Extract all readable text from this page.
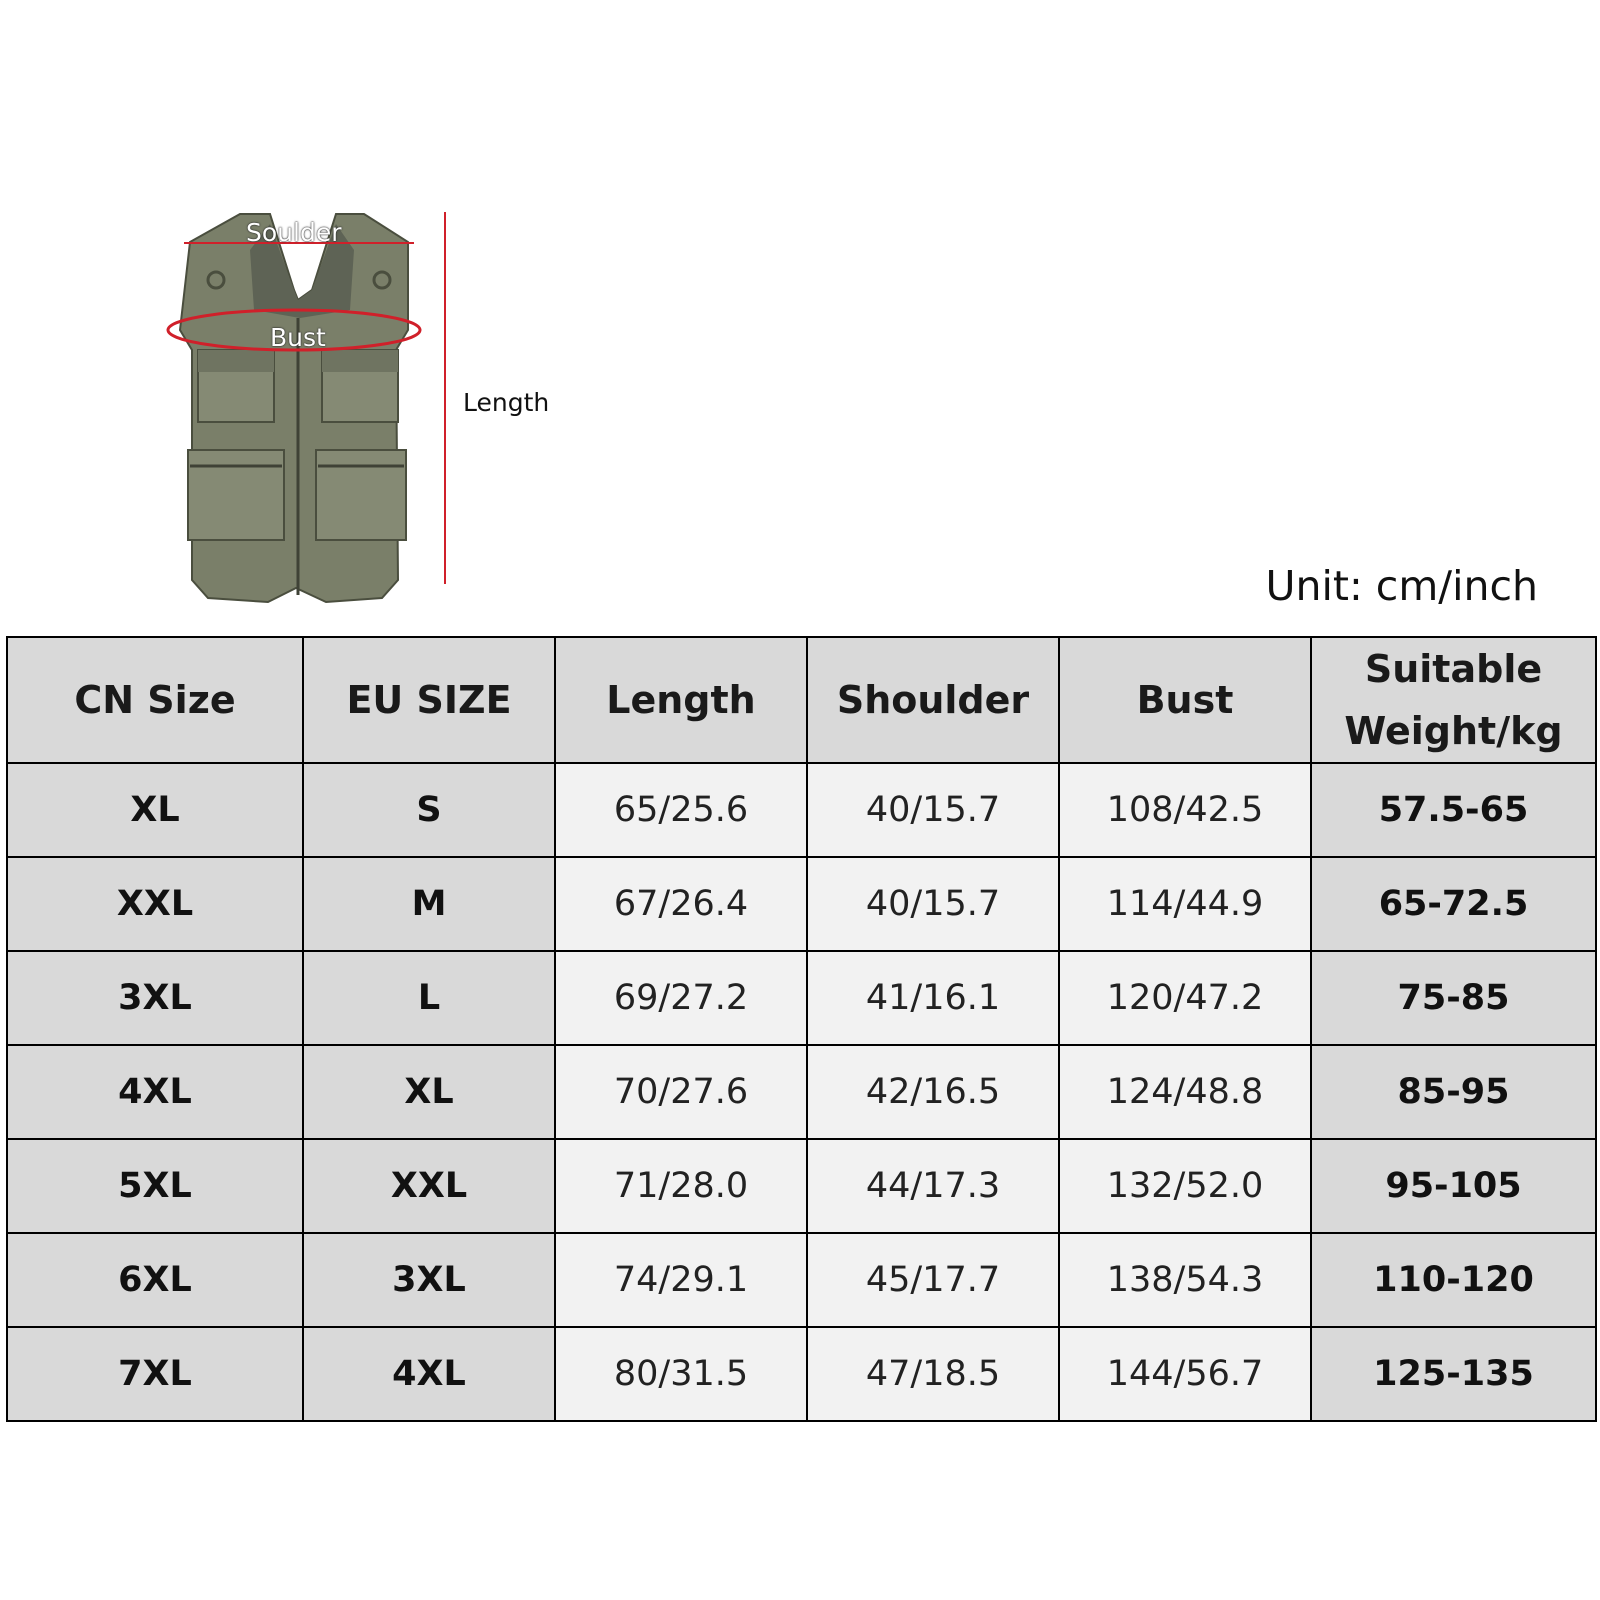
Soulder
Bust
Length
Unit: cm/inch
CN Size	EU SIZE	Length	Shoulder	Bust	Suitable Weight/kg
XL	S	65/25.6	40/15.7	108/42.5	57.5-65
XXL	M	67/26.4	40/15.7	114/44.9	65-72.5
3XL	L	69/27.2	41/16.1	120/47.2	75-85
4XL	XL	70/27.6	42/16.5	124/48.8	85-95
5XL	XXL	71/28.0	44/17.3	132/52.0	95-105
6XL	3XL	74/29.1	45/17.7	138/54.3	110-120
7XL	4XL	80/31.5	47/18.5	144/56.7	125-135
